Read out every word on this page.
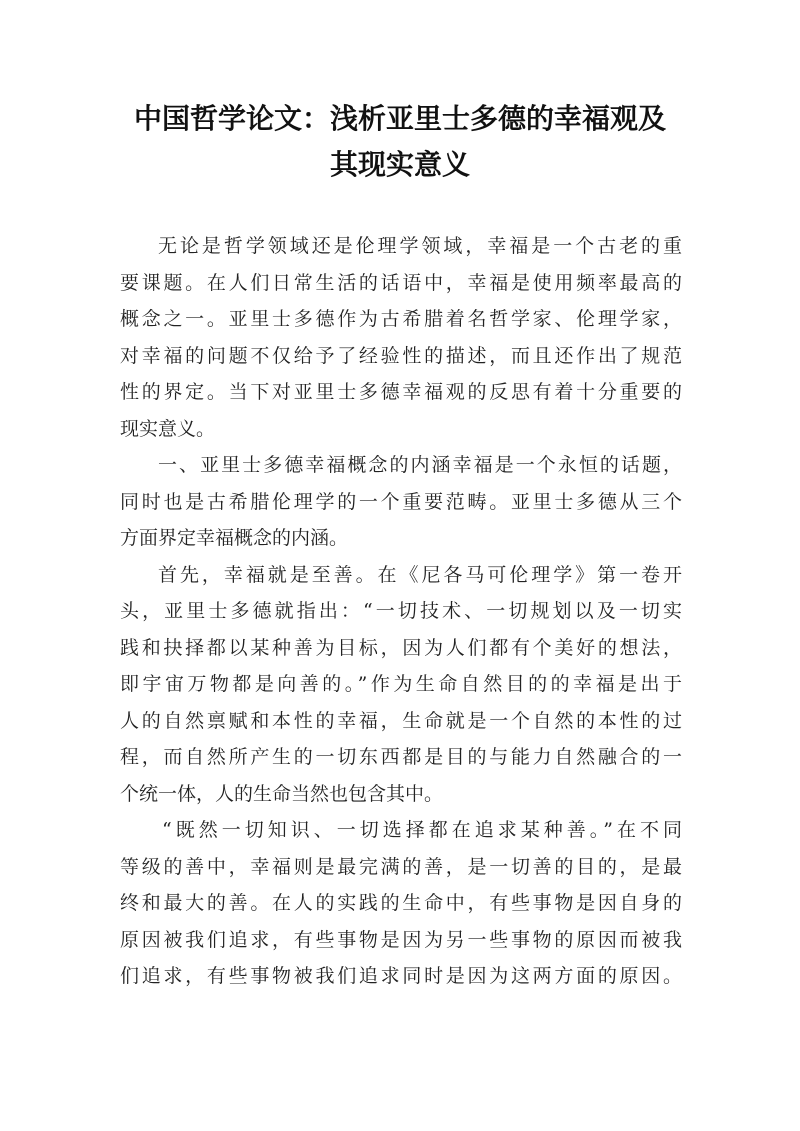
中国哲学论文：浅析亚里士多德的幸福观及
其现实意义
无论是哲学领域还是伦理学领域，幸福是一个古老的重
要课题。在人们日常生活的话语中，幸福是使用频率最高的
概念之一。亚里士多德作为古希腊着名哲学家、伦理学家，
对幸福的问题不仅给予了经验性的描述，而且还作出了规范
性的界定。当下对亚里士多德幸福观的反思有着十分重要的
现实意义。
一、亚里士多德幸福概念的内涵幸福是一个永恒的话题，
同时也是古希腊伦理学的一个重要范畴。亚里士多德从三个
方面界定幸福概念的内涵。
首先，幸福就是至善。在《尼各马可伦理学》第一卷开
头，亚里士多德就指出：“一切技术、一切规划以及一切实
践和抉择都以某种善为目标，因为人们都有个美好的想法，
即宇宙万物都是向善的。”作为生命自然目的的幸福是出于
人的自然禀赋和本性的幸福，生命就是一个自然的本性的过
程，而自然所产生的一切东西都是目的与能力自然融合的一
个统一体，人的生命当然也包含其中。
“既然一切知识、一切选择都在追求某种善。”在不同
等级的善中，幸福则是最完满的善，是一切善的目的，是最
终和最大的善。在人的实践的生命中，有些事物是因自身的
原因被我们追求，有些事物是因为另一些事物的原因而被我
们追求，有些事物被我们追求同时是因为这两方面的原因。
